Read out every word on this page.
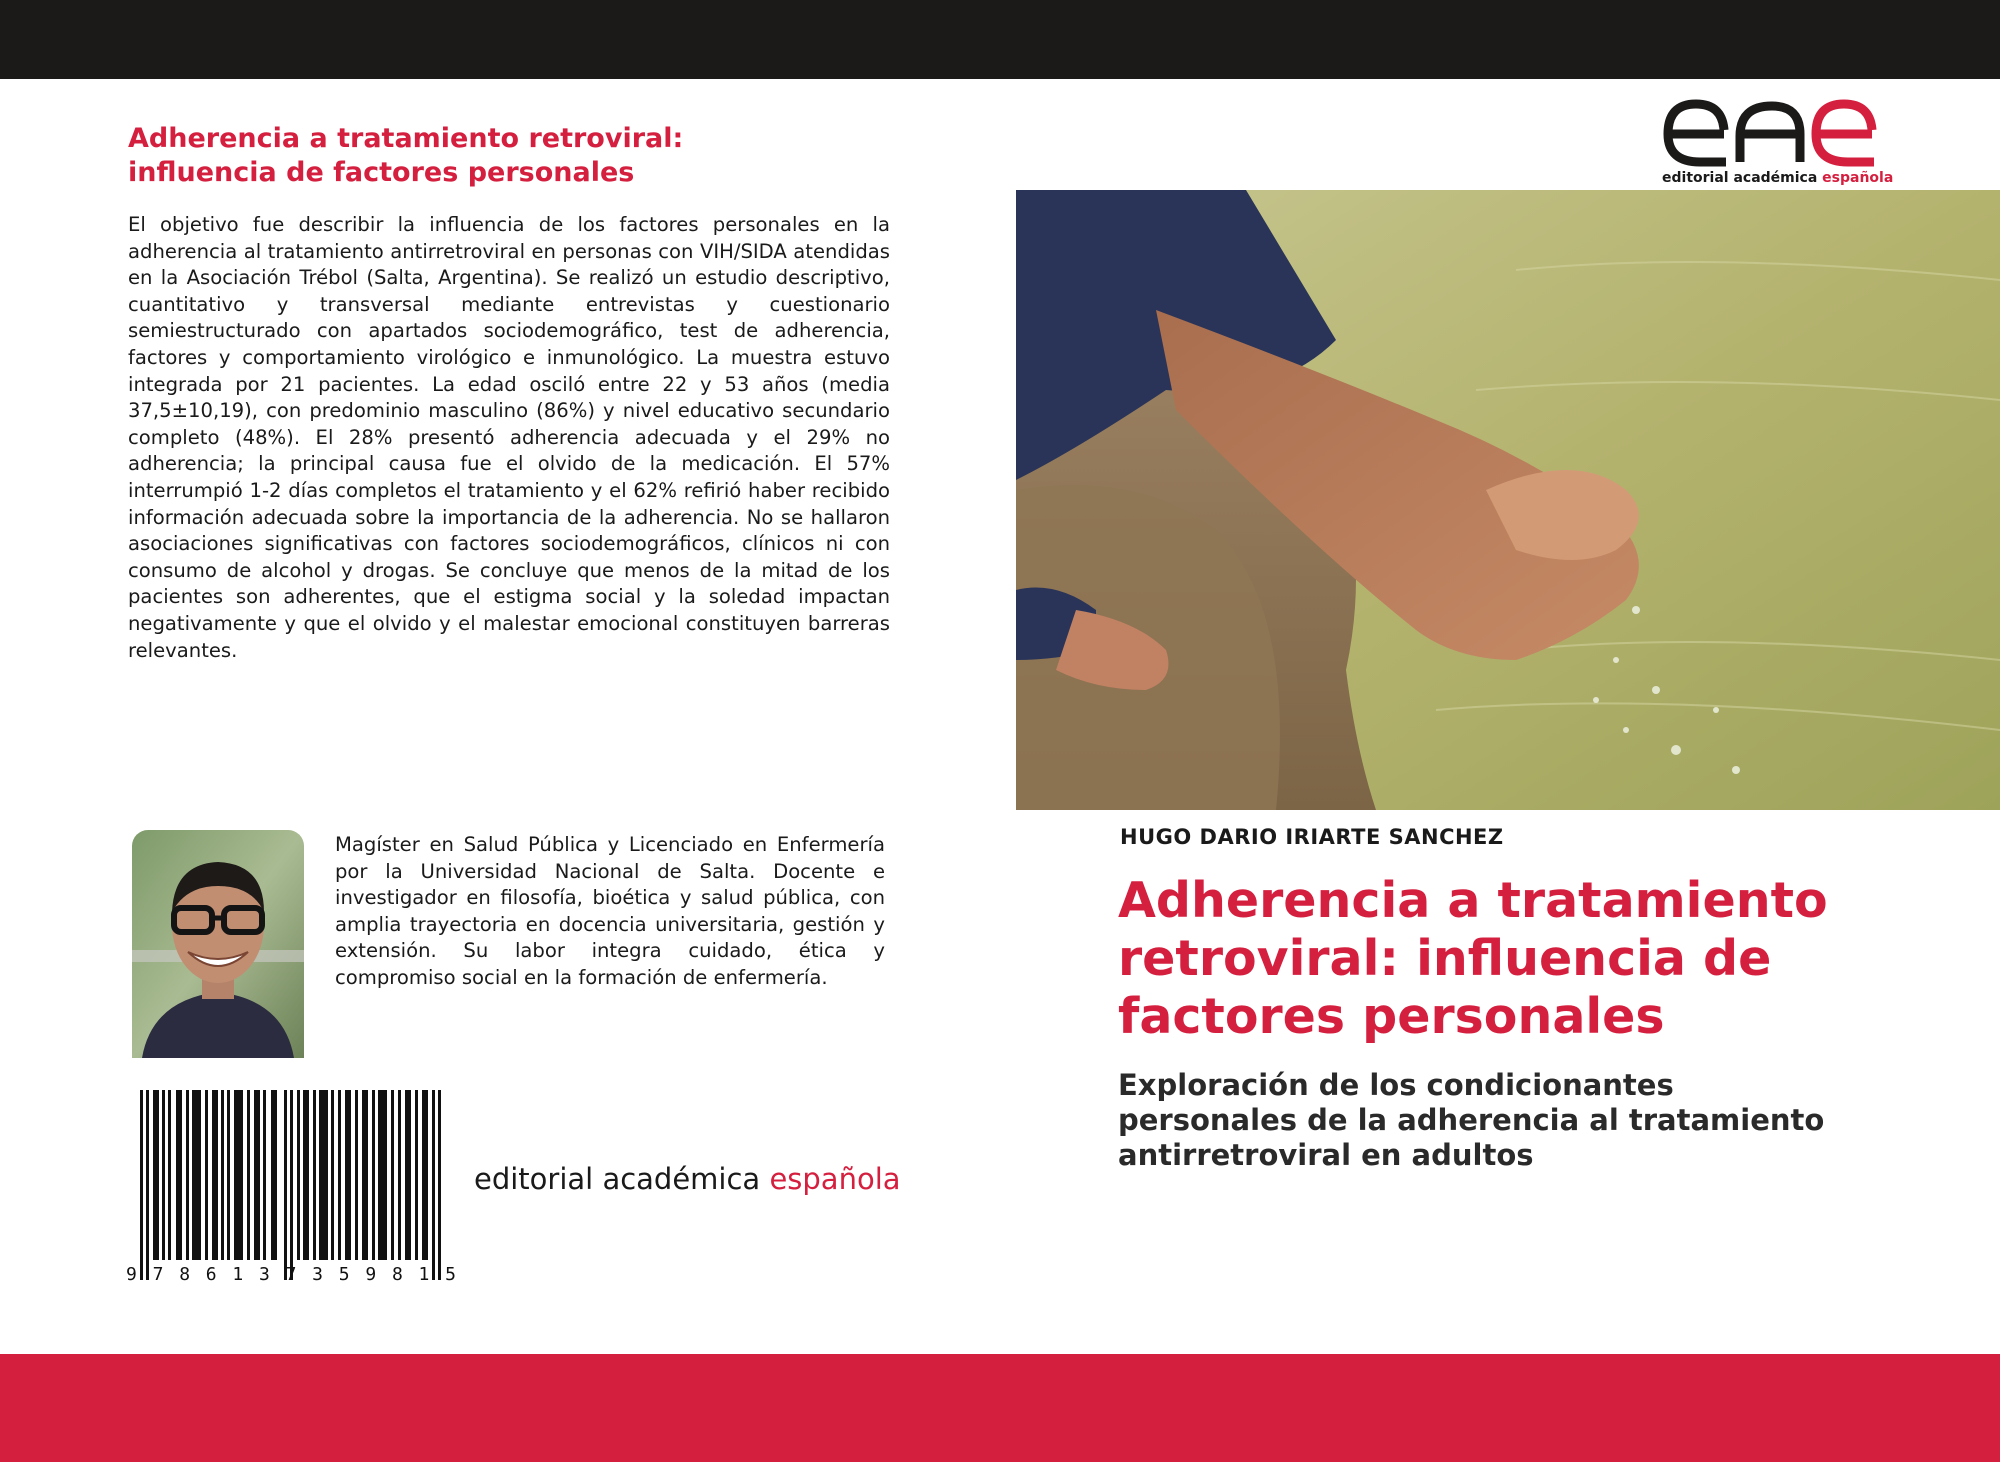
Adherencia a tratamiento retroviral:
influencia de factores personales

El objetivo fue describir la influencia de los factores personales en la adherencia al tratamiento antirretroviral en personas con VIH/SIDA atendidas en la Asociación Trébol (Salta, Argentina). Se realizó un estudio descriptivo, cuantitativo y transversal mediante entrevistas y cuestionario semiestructurado con apartados sociodemográfico, test de adherencia, factores y comportamiento virológico e inmunológico. La muestra estuvo integrada por 21 pacientes. La edad osciló entre 22 y 53 años (media 37,5±10,19), con predominio masculino (86%) y nivel educativo secundario completo (48%). El 28% presentó adherencia adecuada y el 29% no adherencia; la principal causa fue el olvido de la medicación. El 57% interrumpió 1-2 días completos el tratamiento y el 62% refirió haber recibido información adecuada sobre la importancia de la adherencia. No se hallaron asociaciones significativas con factores sociodemográficos, clínicos ni con consumo de alcohol y drogas. Se concluye que menos de la mitad de los pacientes son adherentes, que el estigma social y la soledad impactan negativamente y que el olvido y el malestar emocional constituyen barreras relevantes.

Magíster en Salud Pública y Licenciado en Enfermería por la Universidad Nacional de Salta. Docente e investigador en filosofía, bioética y salud pública, con amplia trayectoria en docencia universitaria, gestión y extensión. Su labor integra cuidado, ética y compromiso social en la formación de enfermería.

9 7 8 6 1 3 7 3 5 9 8 1 5

editorial académica española

editorial académica española
HUGO DARIO IRIARTE SANCHEZ
Adherencia a tratamiento
retroviral: influencia de
factores personales
Exploración de los condicionantes
personales de la adherencia al tratamiento
antirretroviral en adultos
